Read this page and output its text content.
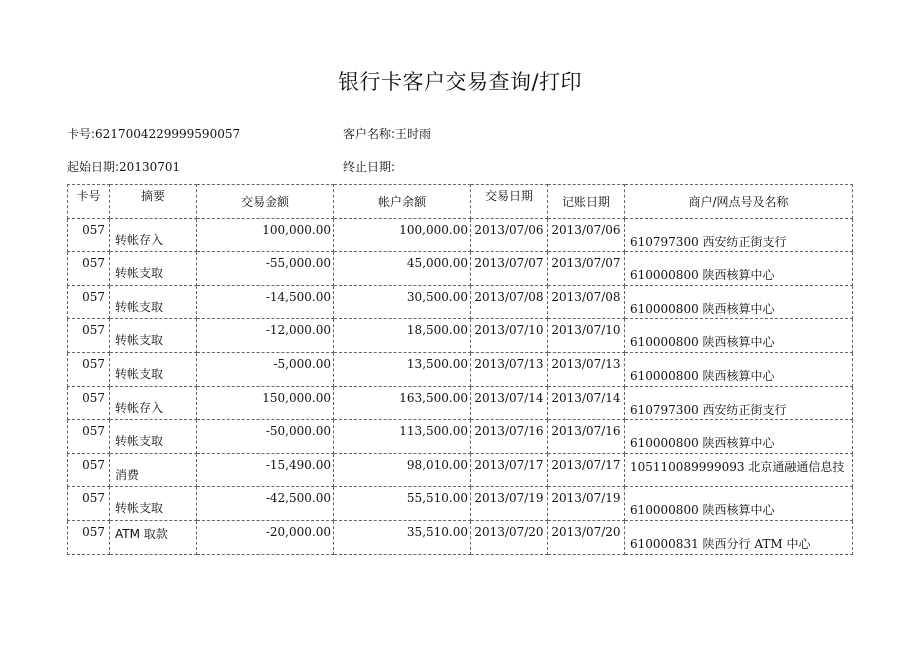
银行卡客户交易查询/打印
卡号:6217004229999590057	客户名称:王时雨
起始日期:20130701	终止日期:
卡号	摘要	交易金额	帐户余额	交易日期	记账日期	商户/网点号及名称
057	转帐存入	100,000.00	100,000.00	2013/07/06	2013/07/06	610797300 西安纺正街支行
057	转帐支取	-55,000.00	45,000.00	2013/07/07	2013/07/07	610000800 陕西核算中心
057	转帐支取	-14,500.00	30,500.00	2013/07/08	2013/07/08	610000800 陕西核算中心
057	转帐支取	-12,000.00	18,500.00	2013/07/10	2013/07/10	610000800 陕西核算中心
057	转帐支取	-5,000.00	13,500.00	2013/07/13	2013/07/13	610000800 陕西核算中心
057	转帐存入	150,000.00	163,500.00	2013/07/14	2013/07/14	610797300 西安纺正街支行
057	转帐支取	-50,000.00	113,500.00	2013/07/16	2013/07/16	610000800 陕西核算中心
057	消费	-15,490.00	98,010.00	2013/07/17	2013/07/17	105110089999093 北京通融通信息技
057	转帐支取	-42,500.00	55,510.00	2013/07/19	2013/07/19	610000800 陕西核算中心
057	ATM 取款	-20,000.00	35,510.00	2013/07/20	2013/07/20	610000831 陕西分行 ATM 中心
